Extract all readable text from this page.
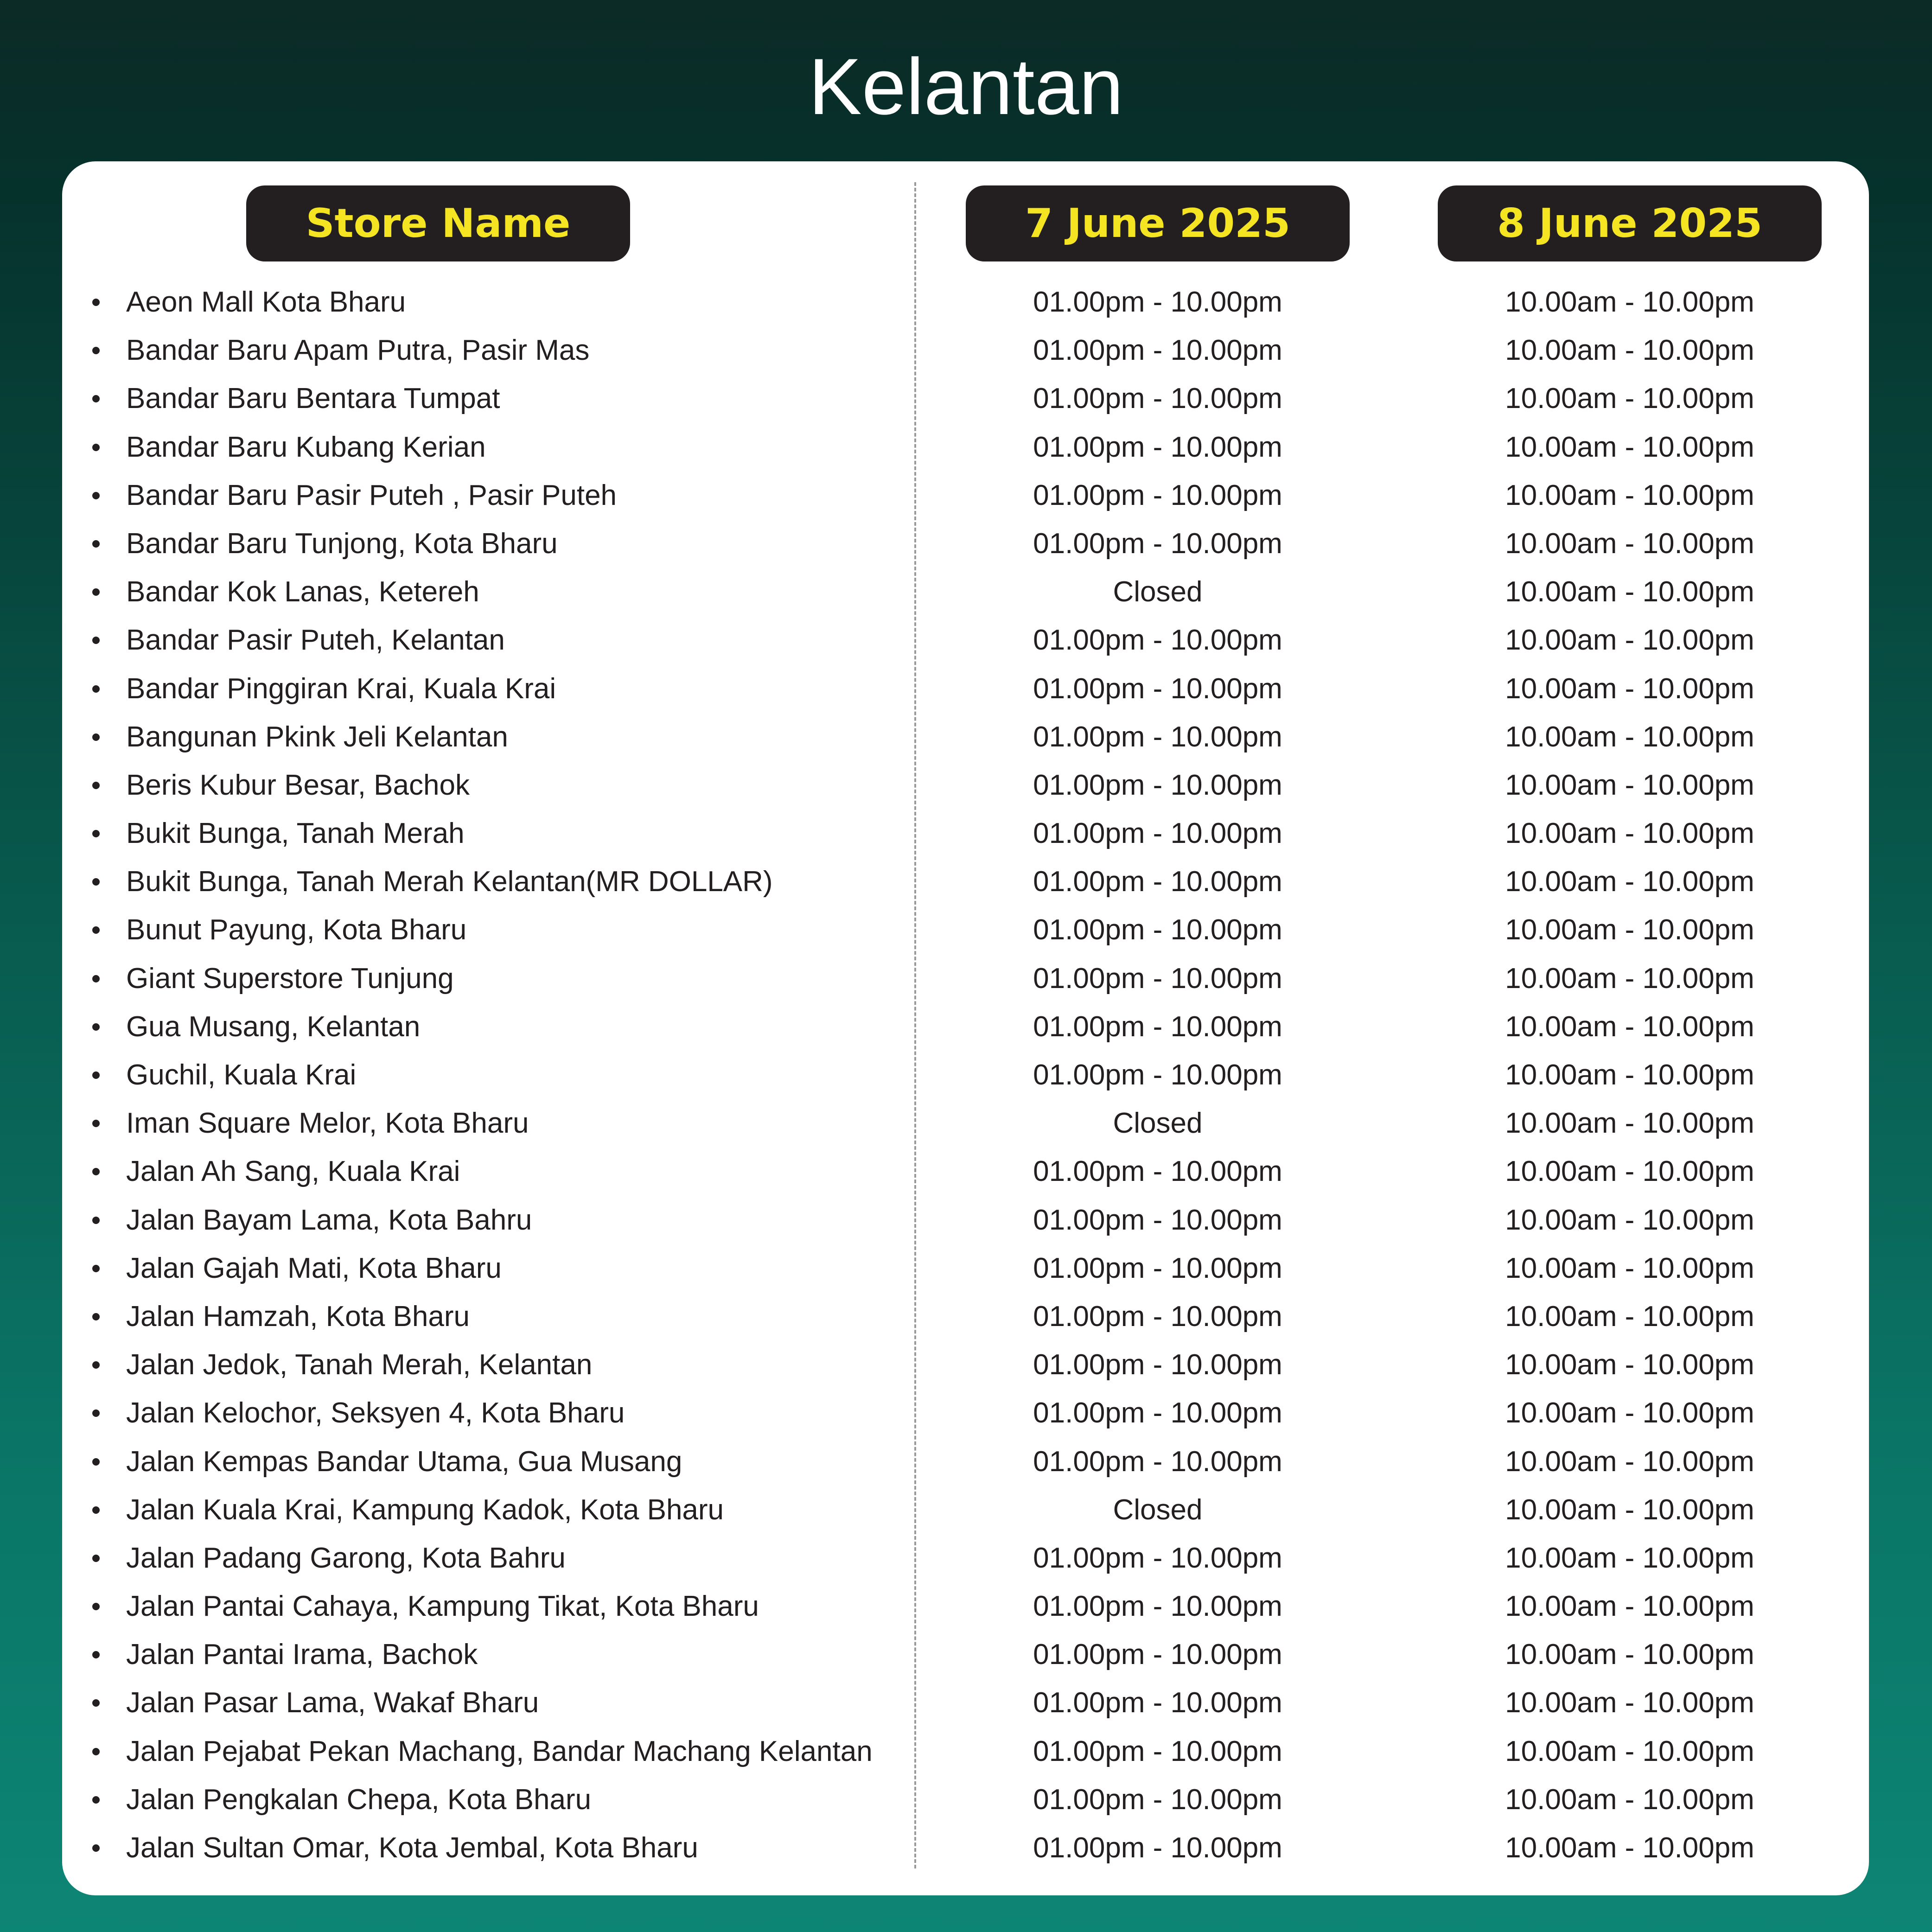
Kelantan
Store Name	7 June 2025	8 June 2025
Aeon Mall Kota Bharu	01.00pm - 10.00pm	10.00am - 10.00pm
Bandar Baru Apam Putra, Pasir Mas	01.00pm - 10.00pm	10.00am - 10.00pm
Bandar Baru Bentara Tumpat	01.00pm - 10.00pm	10.00am - 10.00pm
Bandar Baru Kubang Kerian	01.00pm - 10.00pm	10.00am - 10.00pm
Bandar Baru Pasir Puteh , Pasir Puteh	01.00pm - 10.00pm	10.00am - 10.00pm
Bandar Baru Tunjong, Kota Bharu	01.00pm - 10.00pm	10.00am - 10.00pm
Bandar Kok Lanas, Ketereh	Closed	10.00am - 10.00pm
Bandar Pasir Puteh, Kelantan	01.00pm - 10.00pm	10.00am - 10.00pm
Bandar Pinggiran Krai, Kuala Krai	01.00pm - 10.00pm	10.00am - 10.00pm
Bangunan Pkink Jeli Kelantan	01.00pm - 10.00pm	10.00am - 10.00pm
Beris Kubur Besar, Bachok	01.00pm - 10.00pm	10.00am - 10.00pm
Bukit Bunga, Tanah Merah	01.00pm - 10.00pm	10.00am - 10.00pm
Bukit Bunga, Tanah Merah Kelantan(MR DOLLAR)	01.00pm - 10.00pm	10.00am - 10.00pm
Bunut Payung, Kota Bharu	01.00pm - 10.00pm	10.00am - 10.00pm
Giant Superstore Tunjung	01.00pm - 10.00pm	10.00am - 10.00pm
Gua Musang, Kelantan	01.00pm - 10.00pm	10.00am - 10.00pm
Guchil, Kuala Krai	01.00pm - 10.00pm	10.00am - 10.00pm
Iman Square Melor, Kota Bharu	Closed	10.00am - 10.00pm
Jalan Ah Sang, Kuala Krai	01.00pm - 10.00pm	10.00am - 10.00pm
Jalan Bayam Lama, Kota Bahru	01.00pm - 10.00pm	10.00am - 10.00pm
Jalan Gajah Mati, Kota Bharu	01.00pm - 10.00pm	10.00am - 10.00pm
Jalan Hamzah, Kota Bharu	01.00pm - 10.00pm	10.00am - 10.00pm
Jalan Jedok, Tanah Merah, Kelantan	01.00pm - 10.00pm	10.00am - 10.00pm
Jalan Kelochor, Seksyen 4, Kota Bharu	01.00pm - 10.00pm	10.00am - 10.00pm
Jalan Kempas Bandar Utama, Gua Musang	01.00pm - 10.00pm	10.00am - 10.00pm
Jalan Kuala Krai, Kampung Kadok, Kota Bharu	Closed	10.00am - 10.00pm
Jalan Padang Garong, Kota Bahru	01.00pm - 10.00pm	10.00am - 10.00pm
Jalan Pantai Cahaya, Kampung Tikat, Kota Bharu	01.00pm - 10.00pm	10.00am - 10.00pm
Jalan Pantai Irama, Bachok	01.00pm - 10.00pm	10.00am - 10.00pm
Jalan Pasar Lama, Wakaf Bharu	01.00pm - 10.00pm	10.00am - 10.00pm
Jalan Pejabat Pekan Machang, Bandar Machang Kelantan	01.00pm - 10.00pm	10.00am - 10.00pm
Jalan Pengkalan Chepa, Kota Bharu	01.00pm - 10.00pm	10.00am - 10.00pm
Jalan Sultan Omar, Kota Jembal, Kota Bharu	01.00pm - 10.00pm	10.00am - 10.00pm
